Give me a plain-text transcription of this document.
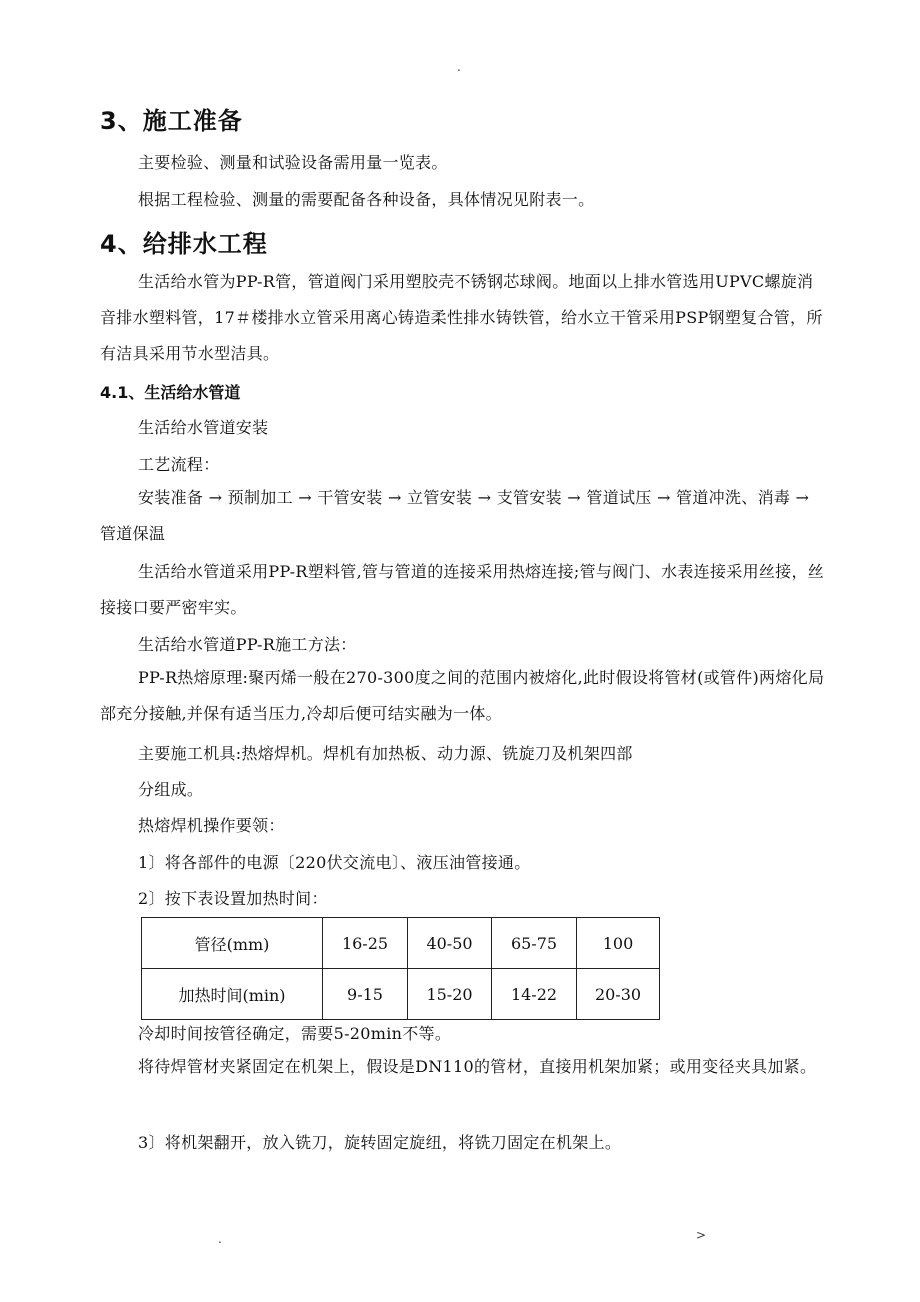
.
3、施工准备
主要检验、测量和试验设备需用量一览表。
根据工程检验、测量的需要配备各种设备，具体情况见附表一。
4、给排水工程
生活给水管为PP-R管，管道阀门采用塑胶壳不锈钢芯球阀。地面以上排水管选用UPVC螺旋消音排水塑料管，17＃楼排水立管采用离心铸造柔性排水铸铁管，给水立干管采用PSP钢塑复合管，所有洁具采用节水型洁具。
4.1、生活给水管道
生活给水管道安装
工艺流程：
安装准备 → 预制加工 → 干管安装 → 立管安装 → 支管安装 → 管道试压 → 管道冲洗、消毒 → 管道保温
生活给水管道采用PP-R塑料管,管与管道的连接采用热熔连接;管与阀门、水表连接采用丝接，丝接接口要严密牢实。
生活给水管道PP-R施工方法：
PP-R热熔原理:聚丙烯一般在270-300度之间的范围内被熔化,此时假设将管材(或管件)两熔化局部充分接触,并保有适当压力,冷却后便可结实融为一体。
主要施工机具:热熔焊机。焊机有加热板、动力源、铣旋刀及机架四部
分组成。
热熔焊机操作要领：
1〕将各部件的电源〔220伏交流电〕、液压油管接通。
2〕按下表设置加热时间：
管径(mm)	16-25	40-50	65-75	100
加热时间(min)	9-15	15-20	14-22	20-30
冷却时间按管径确定，需要5-20min不等。
将待焊管材夹紧固定在机架上，假设是DN110的管材，直接用机架加紧；或用变径夹具加紧。
3〕将机架翻开，放入铣刀，旋转固定旋纽，将铣刀固定在机架上。
.	>
